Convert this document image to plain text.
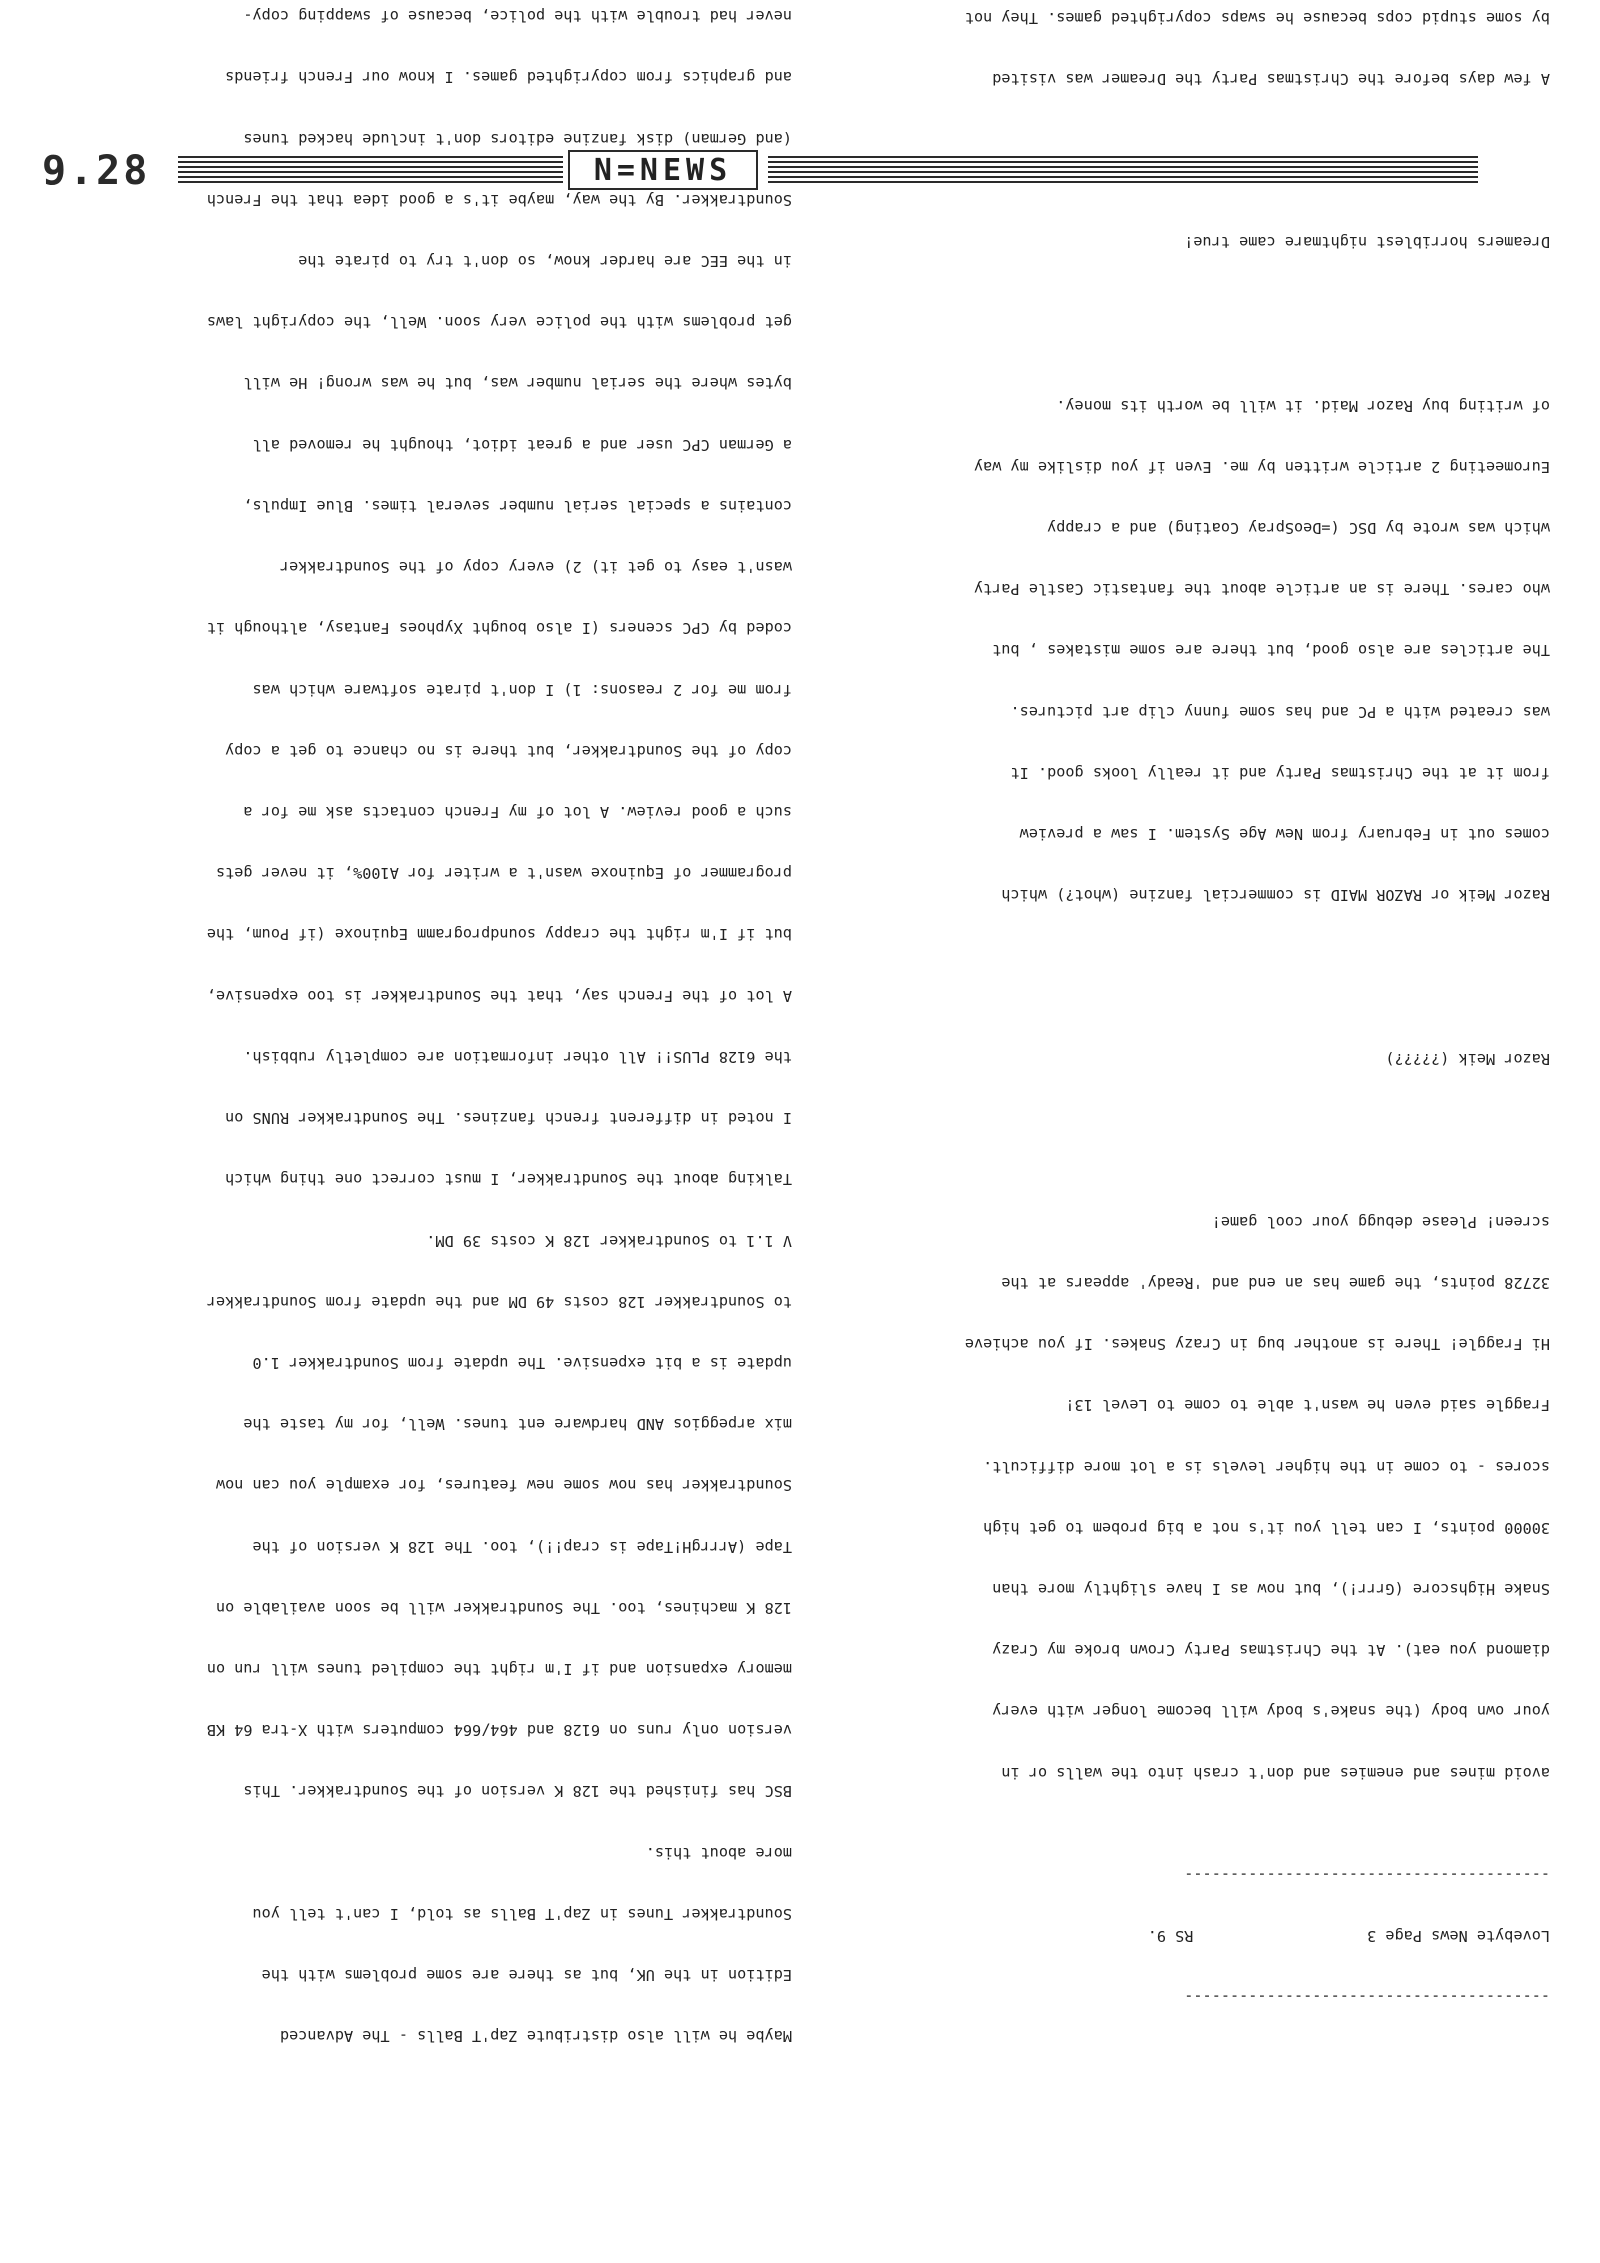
9.28	N=NEWS

----------------------------------------

Lovebyte News Page 3                   RS 9.

----------------------------------------

avoid mines and enemies and don't crash into the walls or in

your own body (the snake's body will become longer with every

diamond you eat). At the Christmas Party Crown broke my Crazy

Snake Highscore (Grrr!), but now as I have slightly more than

30000 points, I can tell you it's not a big probem to get high

scores - to come in the higher levels is a lot more difficult.

Fraggle said even he wasn't able to come to Level 13!

Hi Fraggle! There is another bug in Crazy Snakes. If you achieve

32728 points, the game has an end and 'Ready' appears at the

screen! Please debugg your cool game!

Razor Meik (?????)

Razor Meik or RAZOR MAID is commercial fanzine (whot?) which

comes out in February from New Age System. I saw a preview

from it at the Christmas Party and it really looks good. It

was created with a PC and has some funny clip art pictures.

The articles are also good, but there are some mistakes , but

who cares. There is an article about the fantastic Castle Party

which was wrote by DSC (=DeoSpray Coating) and a crappy

Euromeeting 2 article written by me. Even if you dislike my way

of writing buy Razor Maid. it will be worth its money.

Dreamers horriblest nightmare came true!

A few days before the Christmas Party the Dreamer was visited

by some stupid cops because he swaps copyrighted games. They not

Maybe he will also distribute Zap'T Balls - The Advanced

Edition in the UK, but as there are some problems with the

Soundtrakker Tunes in Zap'T Balls as told, I can't tell you

more about this.

BSC has finished the 128 K version of the Soundtrakker. This

version only runs on 6128 and 464/664 computers with X-tra 64 KB

memory expansion and if I'm right the compiled tunes will run on

128 K machines, too. The Soundtrakker will be soon available on

Tape (ArrrgH!Tape is crap!!), too. The 128 K version of the

Soundtrakker has now some new features, for example you can now

mix arpeggios AND hardware ent tunes. Well, for my taste the

update is a bit expensive. The update from Soundtrakker 1.0

to Soundtrakker 128 costs 49 DM and the update from Soundtrakker

V 1.1 to Soundtrakker 128 K costs 39 DM.

Talking about the Soundtrakker, I must correct one thing which

I noted in different french fanzines. The Soundtrakker RUNS on

the 6128 PLUS!! All other information are completly rubbish.

A lot of the French say, that the Soundtrakker is too expensive,

but if I'm right the crappy soundprogramm Equinoxe (if Poum, the

programmer of Equinoxe wasn't a writer for A100%, it never gets

such a good review. A lot of my French contacts ask me for a

copy of the Soundtrakker, but there is no chance to get a copy

from me for 2 reasons: 1) I don't pirate software which was

coded by CPC sceners (I also bought Xyphoes Fantasy, although it

wasn't easy to get it) 2) every copy of the Soundtrakker

contains a special serial number several times. Blue Impuls,

a German CPC user and a great idiot, thought he removed all

bytes where the serial number was, but he was wrong! He will

get problems with the police very soon. Well, the copyright laws

in the EEC are harder know, so don't try to pirate the

Soundtrakker. By the way, maybe it's a good idea that the French

(and German) disk fanzine editors don't include hacked tunes

and graphics from copyrighted games. I know our French friends

never had trouble with the police, because of swapping copy-
